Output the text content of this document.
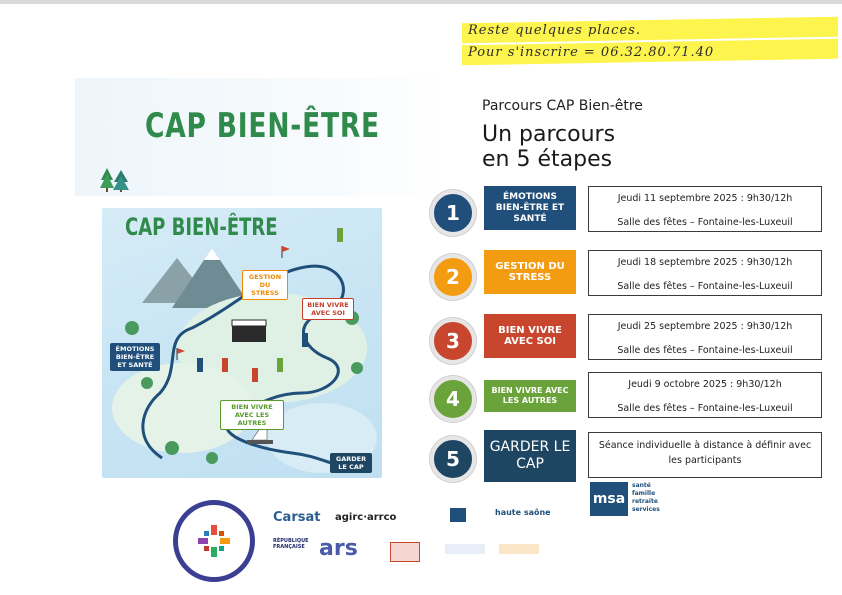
Reste quelques places.
Pour s'inscrire = 06.32.80.71.40
CAP BIEN-ÊTRE
CAP BIEN-ÊTRE
ÉMOTIONS BIEN-ÊTRE ET SANTÉ
GESTION DU STRESS
BIEN VIVRE AVEC SOI
BIEN VIVRE AVEC LES AUTRES
GARDER LE CAP
Parcours CAP Bien-être
Un parcours
en 5 étapes
1
ÉMOTIONS BIEN-ÊTRE ET SANTÉ
Jeudi 11 septembre 2025 : 9h30/12h
Salle des fêtes – Fontaine-les-Luxeuil
2	GESTION DU STRESS
Jeudi 18 septembre 2025 : 9h30/12h
Salle des fêtes – Fontaine-les-Luxeuil
3	BIEN VIVRE AVEC SOI
Jeudi 25 septembre 2025 : 9h30/12h
Salle des fêtes – Fontaine-les-Luxeuil
4	BIEN VIVRE AVEC LES AUTRES
Jeudi 9 octobre 2025 : 9h30/12h
Salle des fêtes – Fontaine-les-Luxeuil
5	GARDER LE CAP
Séance individuelle à distance à définir avec les participants
msa
santé
famille
retraite
services
Carsat agirc·arrco	haute saône
RÉPUBLIQUE FRANÇAISE ars
